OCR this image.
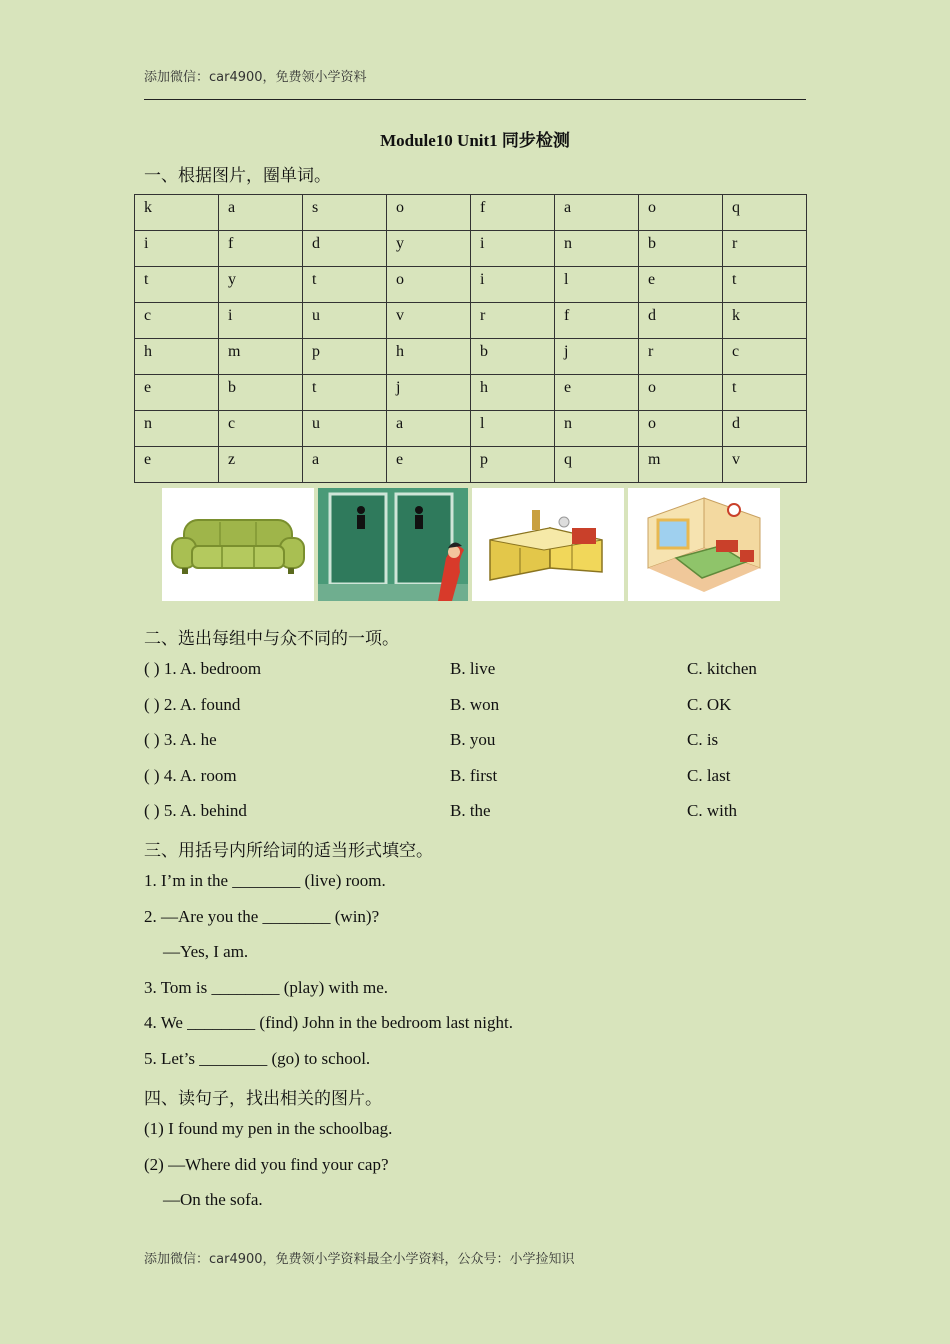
添加微信：car4900，免费领小学资料
Module10 Unit1 同步检测
一、根据图片，圈单词。
k	a	s	o	f	a	o	q
i	f	d	y	i	n	b	r
t	y	t	o	i	l	e	t
c	i	u	v	r	f	d	k
h	m	p	h	b	j	r	c
e	b	t	j	h	e	o	t
n	c	u	a	l	n	o	d
e	z	a	e	p	q	m	v
二、选出每组中与众不同的一项。
( ) 1. A. bedroom	B. live	C. kitchen
( ) 2. A. found	B. won	C. OK
( ) 3. A. he	B. you	C. is
( ) 4. A. room	B. first	C. last
( ) 5. A. behind	B. the	C. with
三、用括号内所给词的适当形式填空。
1. I’m in the ________ (live) room.
2. —Are you the ________ (win)?
—Yes, I am.
3. Tom is ________ (play) with me.
4. We ________ (find) John in the bedroom last night.
5. Let’s ________ (go) to school.
四、读句子，找出相关的图片。
(1) I found my pen in the schoolbag.
(2) —Where did you find your cap?
—On the sofa.
添加微信：car4900，免费领小学资料最全小学资料，公众号：小学捡知识
